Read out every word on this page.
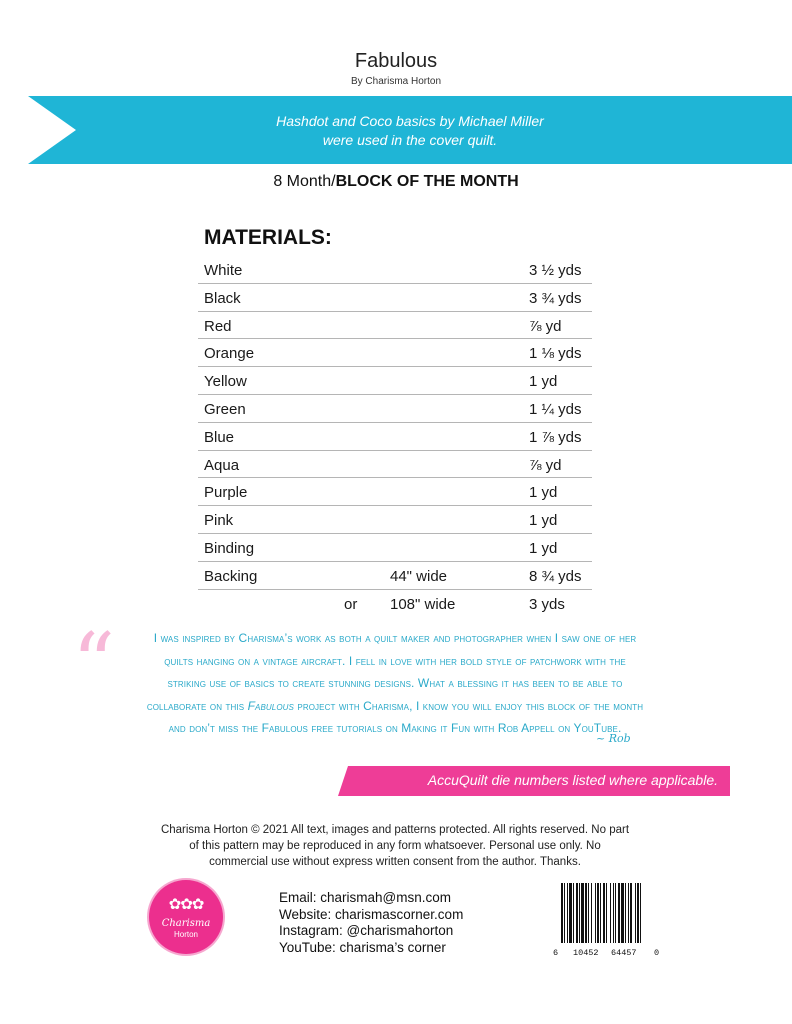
Fabulous
By Charisma Horton
Hashdot and Coco basics by Michael Miller
were used in the cover quilt.
8 Month/BLOCK OF THE MONTH
MATERIALS:
White	3 ½ yds
Black	3 ¾ yds
Red	⅞ yd
Orange	1 ⅛ yds
Yellow	1 yd
Green	1 ¼ yds
Blue	1 ⅞ yds
Aqua	⅞ yd
Purple	1 yd
Pink	1 yd
Binding	1 yd
Backing	44" wide	8 ¾ yds
or 108" wide	3 yds
“	I was inspired by Charisma’s work as both a quilt maker and photographer when I saw one of her
quilts hanging on a vintage aircraft. I fell in love with her bold style of patchwork with the
striking use of basics to create stunning designs. What a blessing it has been to be able to
collaborate on this Fabulous project with Charisma, I know you will enjoy this block of the month
and don’t miss the Fabulous free tutorials on Making it Fun with Rob Appell on YouTube.
~ Rob
AccuQuilt die numbers listed where applicable.
Charisma Horton © 2021 All text, images and patterns protected. All rights reserved. No part
of this pattern may be reproduced in any form whatsoever. Personal use only. No
commercial use without express written consent from the author. Thanks.
✿✿✿
Charisma
Horton
Email: charismah@msn.com
Website: charismascorner.com
Instagram: @charismahorton
YouTube: charisma’s corner	6 10452 64457 0
